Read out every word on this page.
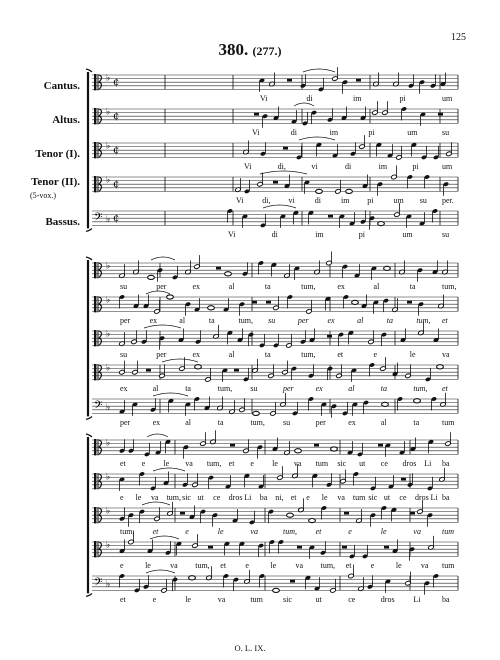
380. (277.)
125
Cantus.
Altus.
Tenor (I).
Tenor (II).
(5-vox.)
Bassus.
♭ ¢
♭ ¢
♭ ¢
♭ ¢
𝄢 ♭ ¢
♭
♭
♭
♭
𝄢 ♭
♭
♭
♭
♭
𝄢 ♭
Vi	di	im	pi	um
Vi	di	im	pi	um	su
Vi	di,	vi	di	im	pi	um
Vi di, vi	di	im pi	um su per.
Vi	di	im	pi	um	su
su	per	ex	al	ta	tum,	ex	al	ta	tum,
per ex	al	ta	tum, su	per ex	al	ta	tum, et
su	per	ex	al	ta	tum,	et	e	le	va
ex	al	ta	tum, su	per	ex	al	ta	tum, et
per	ex	al	ta	tum, su	per	ex	al	ta	tum
et e le va tum, et e le va tum sic ut ce dros Li ba
e le va tum, sic ut ce dros Li ba ni, et e le va tum sic ut ce dros Li ba
tum, et	e	le	va	tum, et	e	le	va	tum
e	le va tum, et e	le va tum, et e	le va tum
et	e	le	va	tum	sic	ut	ce	dros Li	ba
O. L. IX.
